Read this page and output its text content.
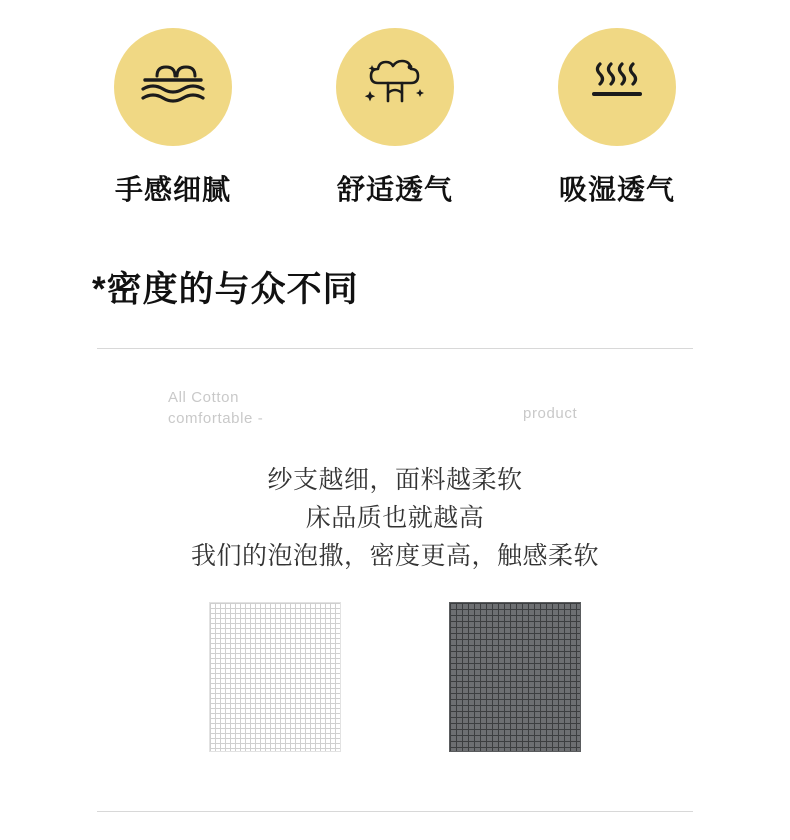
手感细腻	舒适透气	吸湿透气
*密度的与众不同
All Cotton
comfortable -	product
纱支越细，面料越柔软
床品质也就越高
我们的泡泡撒，密度更高，触感柔软
